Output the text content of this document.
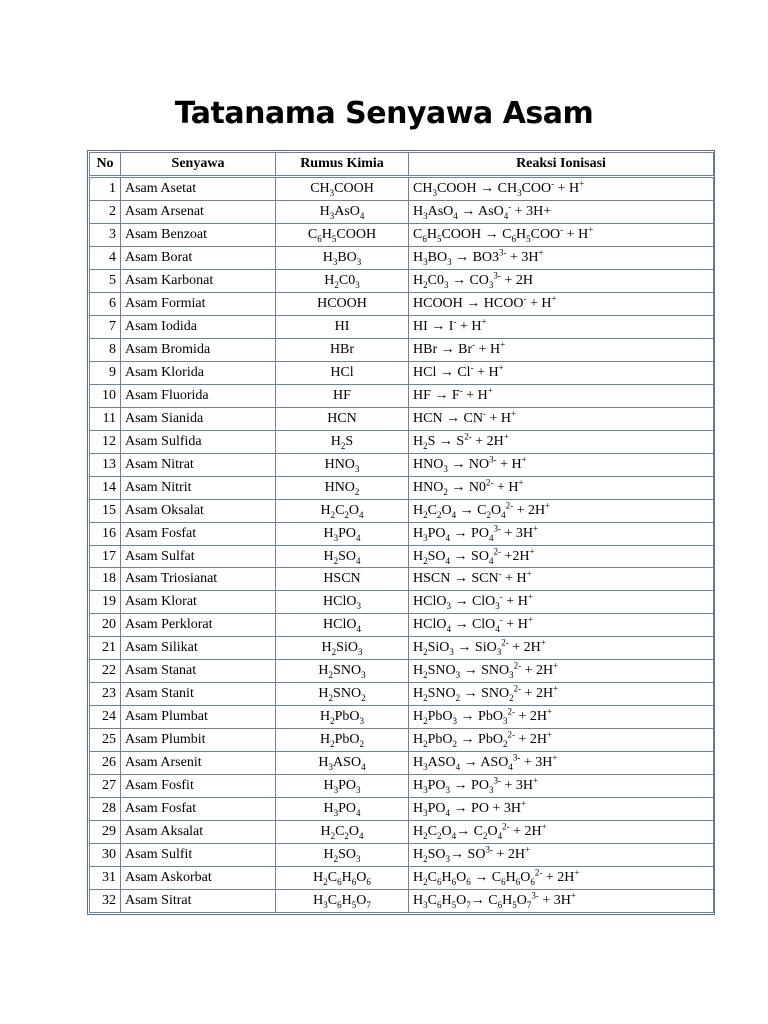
Tatanama Senyawa Asam
No	Senyawa	Rumus Kimia	Reaksi Ionisasi
1	Asam Asetat	$CH_3COOH$	$CH_3COOH \to CH_3COO^- + H^+$
2	Asam Arsenat	$H_3AsO_4$	$H_3AsO_4 \to AsO_4^- + 3H+$
3	Asam Benzoat	$C_6H_5COOH$	$C_6H_5COOH \to C_6H_5COO^- + H^+$
4	Asam Borat	$H_3BO_3$	$H_3BO_3 \to BO3^{3-} + 3H^+$
5	Asam Karbonat	$H_2C0_3$	$H_2C0_3 \to CO_3^{3-} + 2H$
6	Asam Formiat	HCOOH	HCOOH → HCOO- + H+
7	Asam Iodida	HI	HI → I- + H+
8	Asam Bromida	HBr	HBr → Br- + H+
9	Asam Klorida	HCl	HCl → Cl- + H+
10	Asam Fluorida	HF	HF → F- + H+
11	Asam Sianida	HCN	HCN → CN- + H+
12	Asam Sulfida	$H_2S$	$H_2S \to S^{2-} + 2H^+$
13	Asam Nitrat	$HNO_3$	$HNO_3 \to NO^{3-} + H^+$
14	Asam Nitrit	$HNO_2$	$HNO_2 \to N0^{2-} + H^+$
15	Asam Oksalat	$H_2C_2O_4$	$H_2C_2O_4 \to C_2O_4^{2-} + 2H^+$
16	Asam Fosfat	$H_3PO_4$	$H_3PO_4 \to PO_4^{3-} + 3H^+$
17	Asam Sulfat	$H_2SO_4$	$H_2SO_4 \to SO_4^{2-} +2H^+$
18	Asam Triosianat	HSCN	HSCN → SCN- + H+
19	Asam Klorat	HClO$_3$	HClO$_3$ → ClO$_3$- + H+
20	Asam Perklorat	HClO$_4$	HClO$_4$ → ClO$_4$- + H+
21	Asam Silikat	$H_2SiO_3$	$H_2SiO_3 \to SiO_3^{2-} + 2H^+$
22	Asam Stanat	$H_2SNO_3$	$H_2SNO_3 \to SNO_3^{2-} + 2H^+$
23	Asam Stanit	$H_2SNO_2$	$H_2SNO_2 \to SNO_2^{2-} + 2H^+$
24	Asam Plumbat	$H_2PbO_3$	$H_2PbO_3 \to PbO_3^{2-} + 2H^+$
25	Asam Plumbit	$H_2PbO_2$	$H_2PbO_2 \to PbO_2^{2-} + 2H^+$
26	Asam Arsenit	$H_3ASO_4$	$H_3ASO_4 \to ASO_4^{3-} + 3H^+$
27	Asam Fosfit	$H_3PO_3$	$H_3PO_3 \to PO_3^{3-} + 3H^+$
28	Asam Fosfat	$H_3PO_4$	$H_3PO_4$ → PO + 3H+
29	Asam Aksalat	$H_2C_2O_4$	$H_2C_2O_4\to C_2O_4^{2-} + 2H^+$
30	Asam Sulfit	$H_2SO_3$	$H_2SO_3\to SO^{3-} + 2H^+$
31	Asam Askorbat	$H_2C_6H_6O_6$	$H_2C_6H_6O_6 \to C_6H_6O_6^{2-} + 2H^+$
32	Asam Sitrat	$H_3C_6H_5O_7$	$H_3C_6H_5O_7\to C_6H_5O_7^{3-} + 3H^+$
